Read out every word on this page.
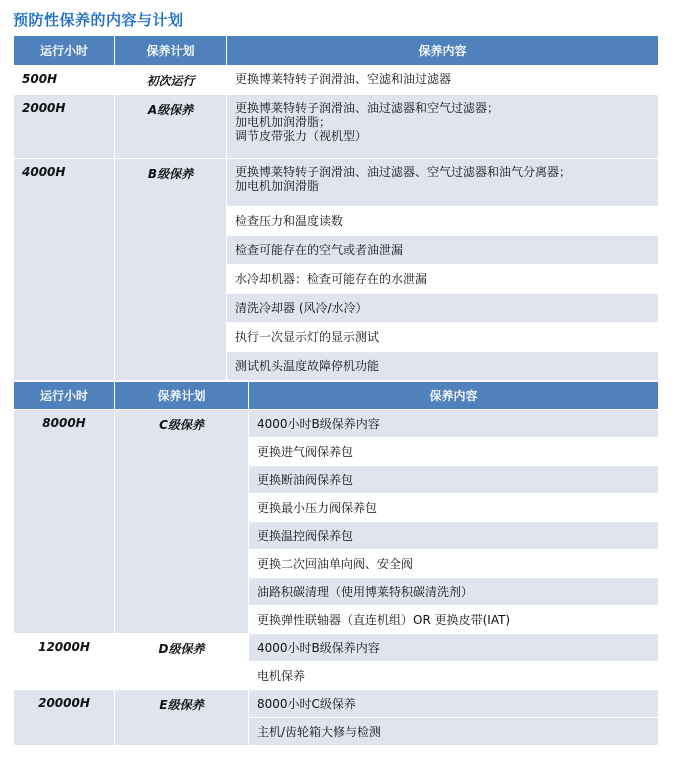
预防性保养的内容与计划
运行小时	保养计划	保养内容
500H	初次运行	更换博莱特转子润滑油、空滤和油过滤器
2000H	A级保养	更换博莱特转子润滑油、油过滤器和空气过滤器；
加电机加润滑脂；
调节皮带张力（视机型）
4000H	B级保养	更换博莱特转子润滑油、油过滤器、空气过滤器和油气分离器；
加电机加润滑脂
		检查压力和温度读数
		检查可能存在的空气或者油泄漏
		水冷却机器：检查可能存在的水泄漏
		清洗冷却器 (风冷/水冷）
		执行一次显示灯的显示测试
		测试机头温度故障停机功能
运行小时	保养计划	保养内容
8000H	C级保养	4000小时B级保养内容
		更换进气阀保养包
		更换断油阀保养包
		更换最小压力阀保养包
		更换温控阀保养包
		更换二次回油单向阀、安全阀
		油路积碳清理（使用博莱特积碳清洗剂）
		更换弹性联轴器（直连机组）OR 更换皮带(IAT)
12000H	D级保养	4000小时B级保养内容
		电机保养
20000H	E级保养	8000小时C级保养
		主机/齿轮箱大修与检测
